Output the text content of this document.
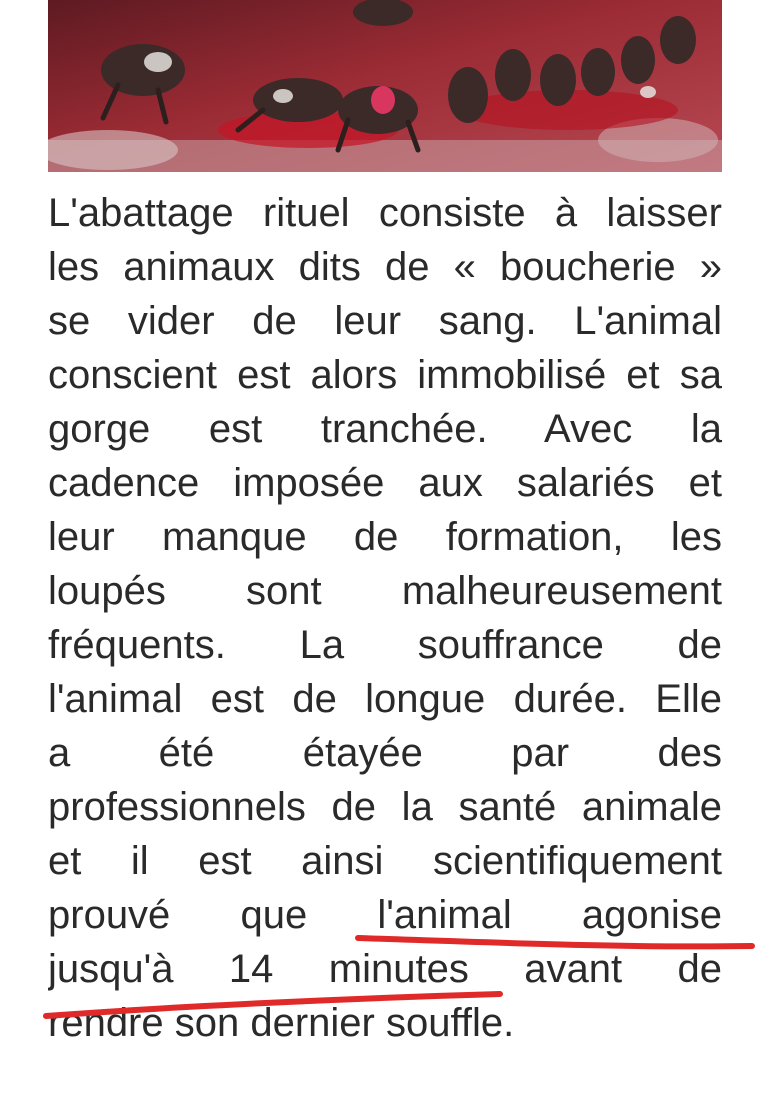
L'abattage rituel consiste à laisser
les animaux dits de « boucherie »
se vider de leur sang. L'animal
conscient est alors immobilisé et sa
gorge est tranchée. Avec la
cadence imposée aux salariés et
leur manque de formation, les
loupés sont malheureusement
fréquents. La souffrance de
l'animal est de longue durée. Elle
a été étayée par des
professionnels de la santé animale
et il est ainsi scientifiquement
prouvé que l'animal agonise
jusqu'à 14 minutes avant de
rendre son dernier souffle.
